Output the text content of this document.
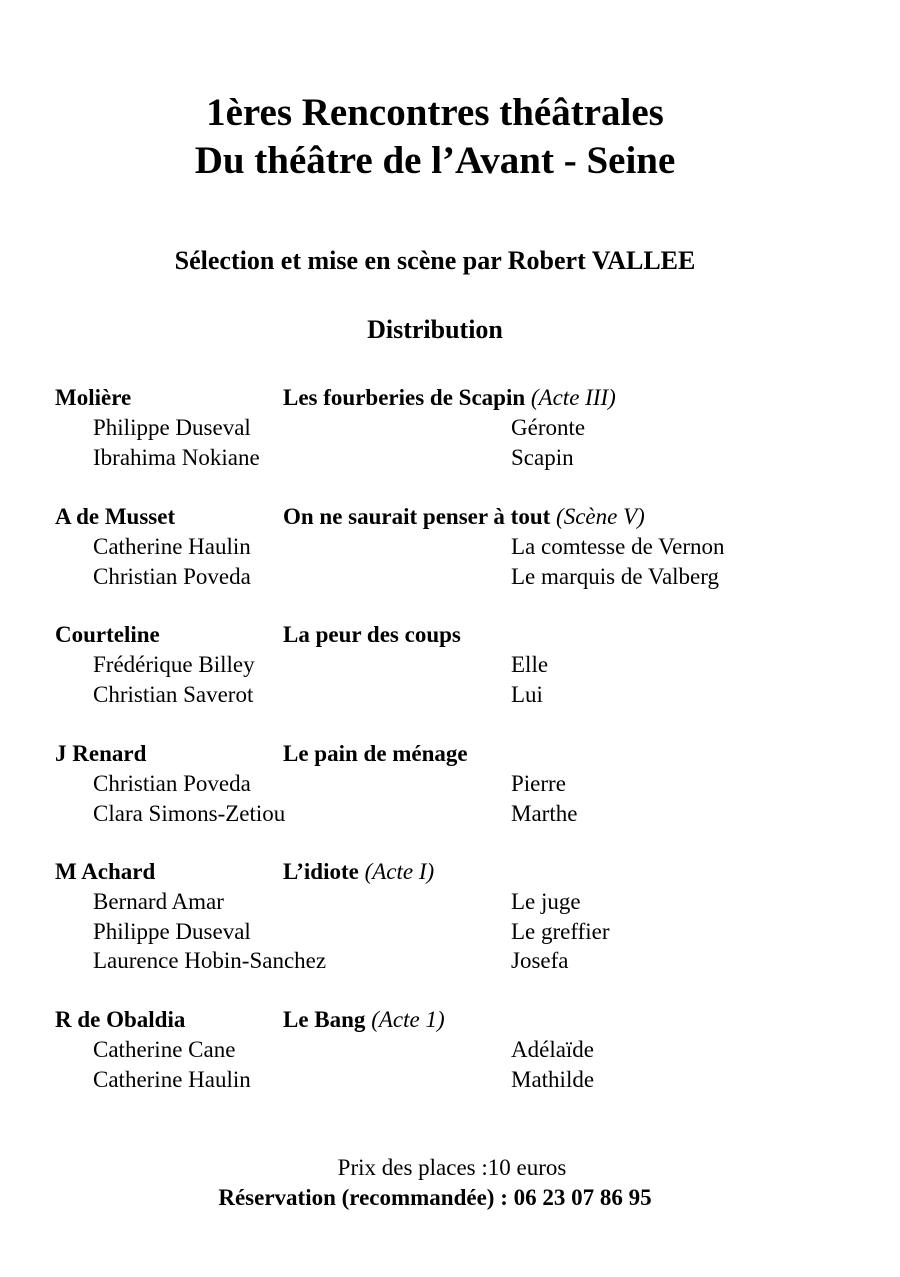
1ères Rencontres théâtrales
Du théâtre de l’Avant - Seine
Sélection et mise en scène par Robert VALLEE
Distribution
Molière	Les fourberies de Scapin (Acte III)
Philippe Duseval	Géronte
Ibrahima Nokiane	Scapin
A de Musset	On ne saurait penser à tout (Scène V)
Catherine Haulin	La comtesse de Vernon
Christian Poveda	Le marquis de Valberg
Courteline	La peur des coups
Frédérique Billey	Elle
Christian Saverot	Lui
J Renard	Le pain de ménage
Christian Poveda	Pierre
Clara Simons-Zetiou	Marthe
M Achard	L’idiote (Acte I)
Bernard Amar	Le juge
Philippe Duseval	Le greffier
Laurence Hobin-Sanchez	Josefa
R de Obaldia	Le Bang (Acte 1)
Catherine Cane	Adélaïde
Catherine Haulin	Mathilde
Prix des places :10 euros
Réservation (recommandée) : 06 23 07 86 95
